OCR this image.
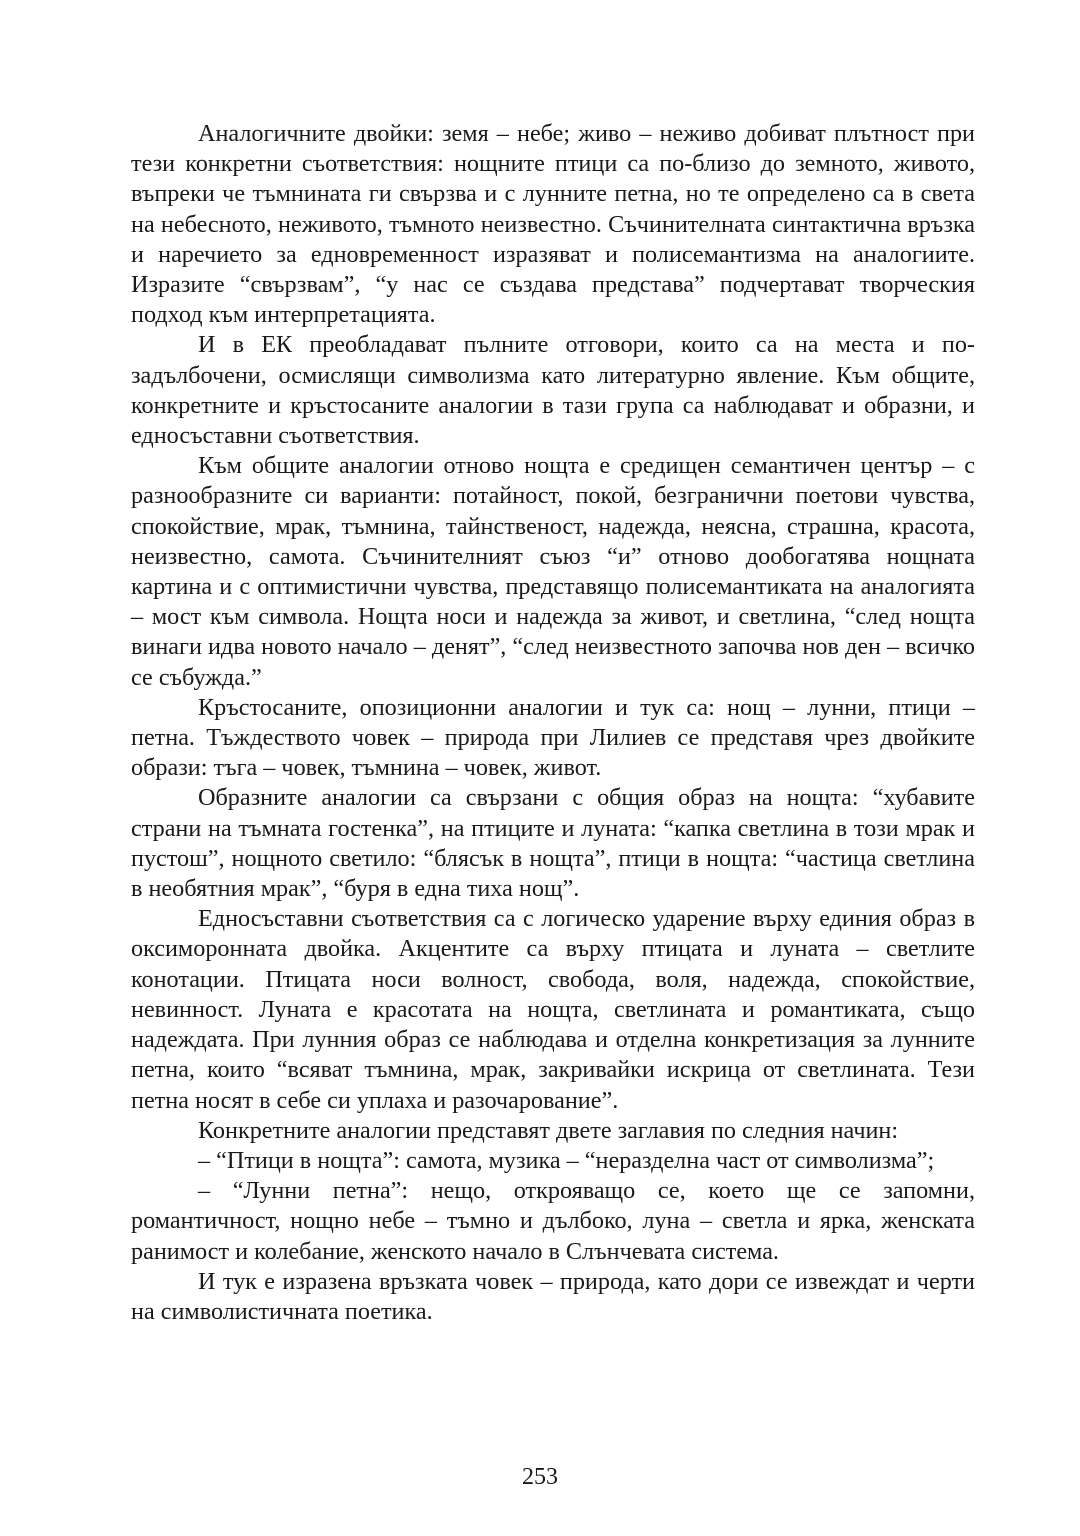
Аналогичните двойки: земя – небе; живо – неживо добиват плътност при тези конкретни съответствия: нощните птици са по-близо до земното, живото, въпреки че тъмнината ги свързва и с лунните петна, но те определено са в света на небесното, неживото, тъмното неизвестно. Съчинителната синтактична връзка и наречието за едновременност изразяват и полисемантизма на аналогиите. Изразите “свързвам”, “у нас се създава представа” подчертават творческия подход към интерпретацията.

И в ЕК преобладават пълните отговори, които са на места и по-задълбочени, осмислящи символизма като литературно явление. Към общите, конкретните и кръстосаните аналогии в тази група са наблюдават и образни, и едносъставни съответствия.

Към общите аналогии отново нощта е средищен семантичен център – с разнообразните си варианти: потайност, покой, безгранични поетови чувства, спокойствие, мрак, тъмнина, тайнственост, надежда, неясна, страшна, красота, неизвестно, самота. Съчинителният съюз “и” отново дообогатява нощната картина и с оптимистични чувства, представящо полисемантиката на аналогията – мост към символа. Нощта носи и надежда за живот, и светлина, “след нощта винаги идва новото начало – денят”, “след неизвестното започва нов ден – всичко се събужда.”

Кръстосаните, опозиционни аналогии и тук са: нощ – лунни, птици – петна. Тъждеството човек – природа при Лилиев се представя чрез двойките образи: тъга – човек, тъмнина – човек, живот.

Образните аналогии са свързани с общия образ на нощта: “хубавите страни на тъмната гостенка”, на птиците и луната: “капка светлина в този мрак и пустош”, нощното светило: “блясък в нощта”, птици в нощта: “частица светлина в необятния мрак”, “буря в една тиха нощ”.

Едносъставни съответствия са с логическо ударение върху единия образ в оксиморонната двойка. Акцентите са върху птицата и луната – светлите конотации. Птицата носи волност, свобода, воля, надежда, спокойствие, невинност. Луната е красотата на нощта, светлината и романтиката, също надеждата. При лунния образ се наблюдава и отделна конкретизация за лунните петна, които “всяват тъмнина, мрак, закривайки искрица от светлината. Тези петна носят в себе си уплаха и разочарование”.

Конкретните аналогии представят двете заглавия по следния начин:

– “Птици в нощта”: самота, музика – “неразделна част от символизма”;

– “Лунни петна”: нещо, открояващо се, което ще се запомни, романтичност, нощно небе – тъмно и дълбоко, луна – светла и ярка, женската ранимост и колебание, женското начало в Слънчевата система.

И тук е изразена връзката човек – природа, като дори се извеждат и черти на символистичната поетика.

253
